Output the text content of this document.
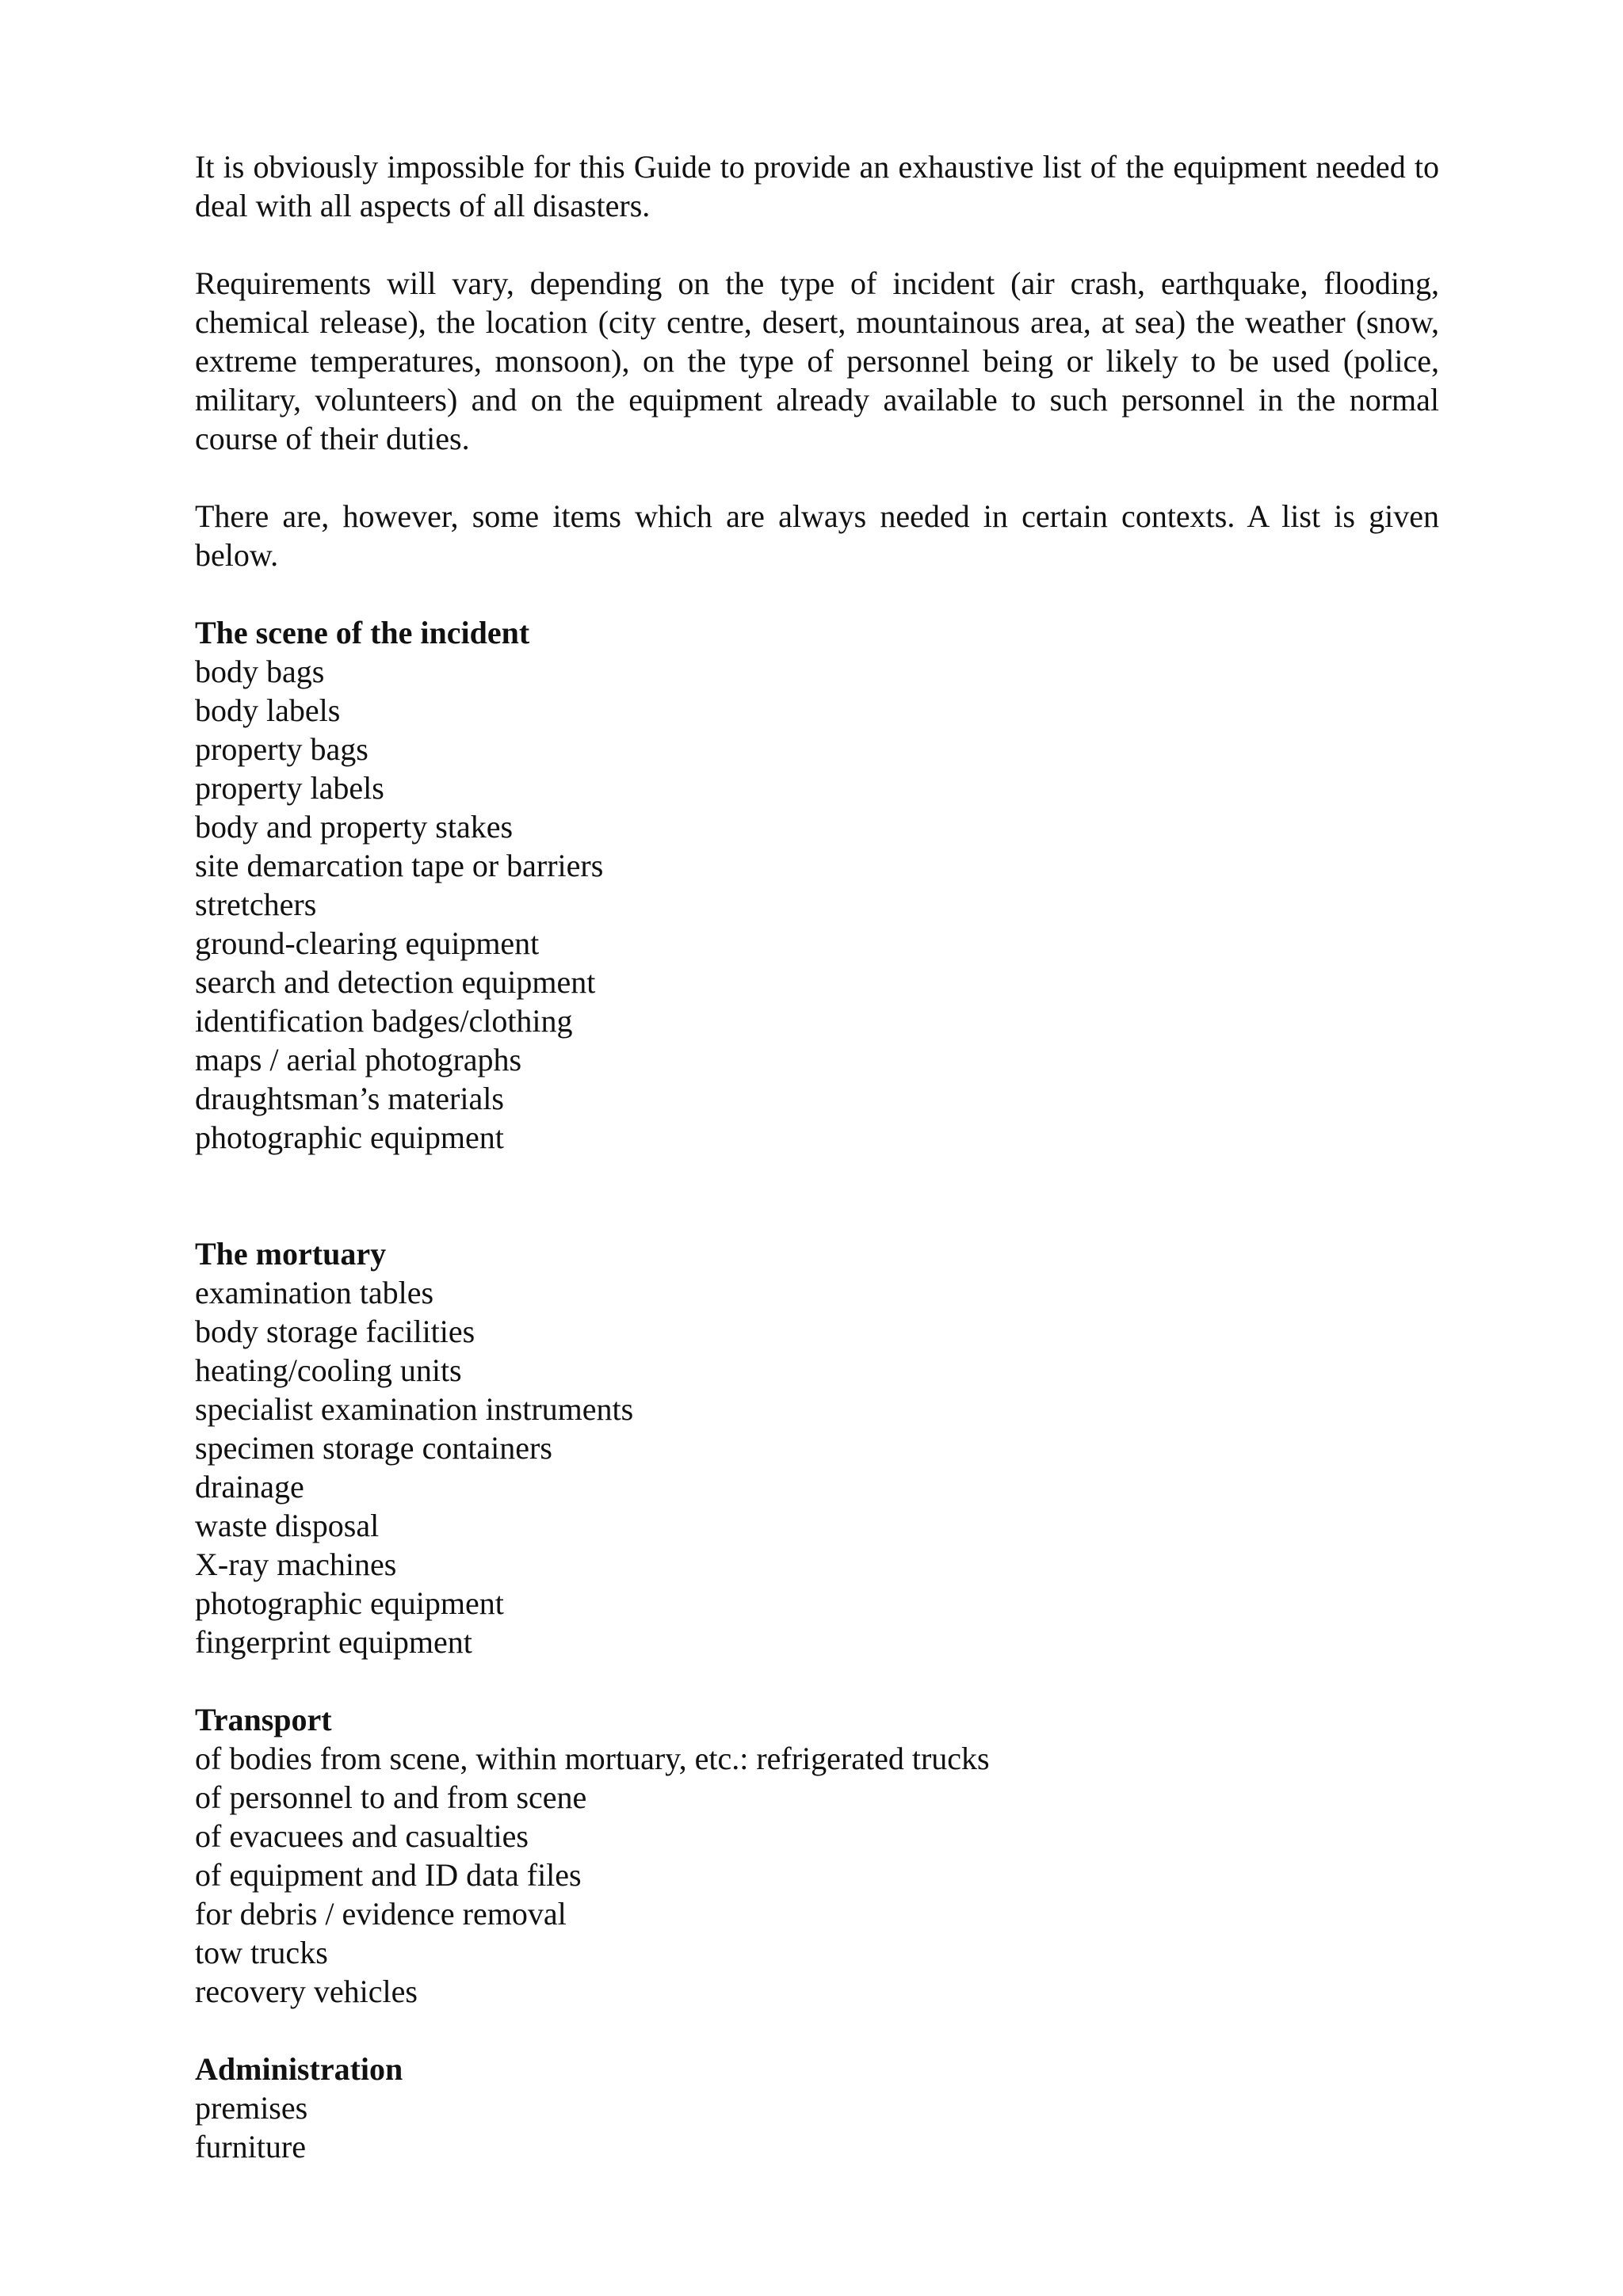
It is obviously impossible for this Guide to provide an exhaustive list of the equipment needed to deal with all aspects of all disasters.

Requirements will vary, depending on the type of incident (air crash, earthquake, flooding, chemical release), the location (city centre, desert, mountainous area, at sea) the weather (snow, extreme temperatures, monsoon), on the type of personnel being or likely to be used (police, military, volunteers) and on the equipment already available to such personnel in the normal course of their duties.

There are, however, some items which are always needed in certain contexts. A list is given below.

The scene of the incident
body bags
body labels
property bags
property labels
body and property stakes
site demarcation tape or barriers
stretchers
ground-clearing equipment
search and detection equipment
identification badges/clothing
maps / aerial photographs
draughtsman’s materials
photographic equipment
The mortuary
examination tables
body storage facilities
heating/cooling units
specialist examination instruments
specimen storage containers
drainage
waste disposal
X-ray machines
photographic equipment
fingerprint equipment
Transport
of bodies from scene, within mortuary, etc.: refrigerated trucks
of personnel to and from scene
of evacuees and casualties
of equipment and ID data files
for debris / evidence removal
tow trucks
recovery vehicles
Administration
premises
furniture
